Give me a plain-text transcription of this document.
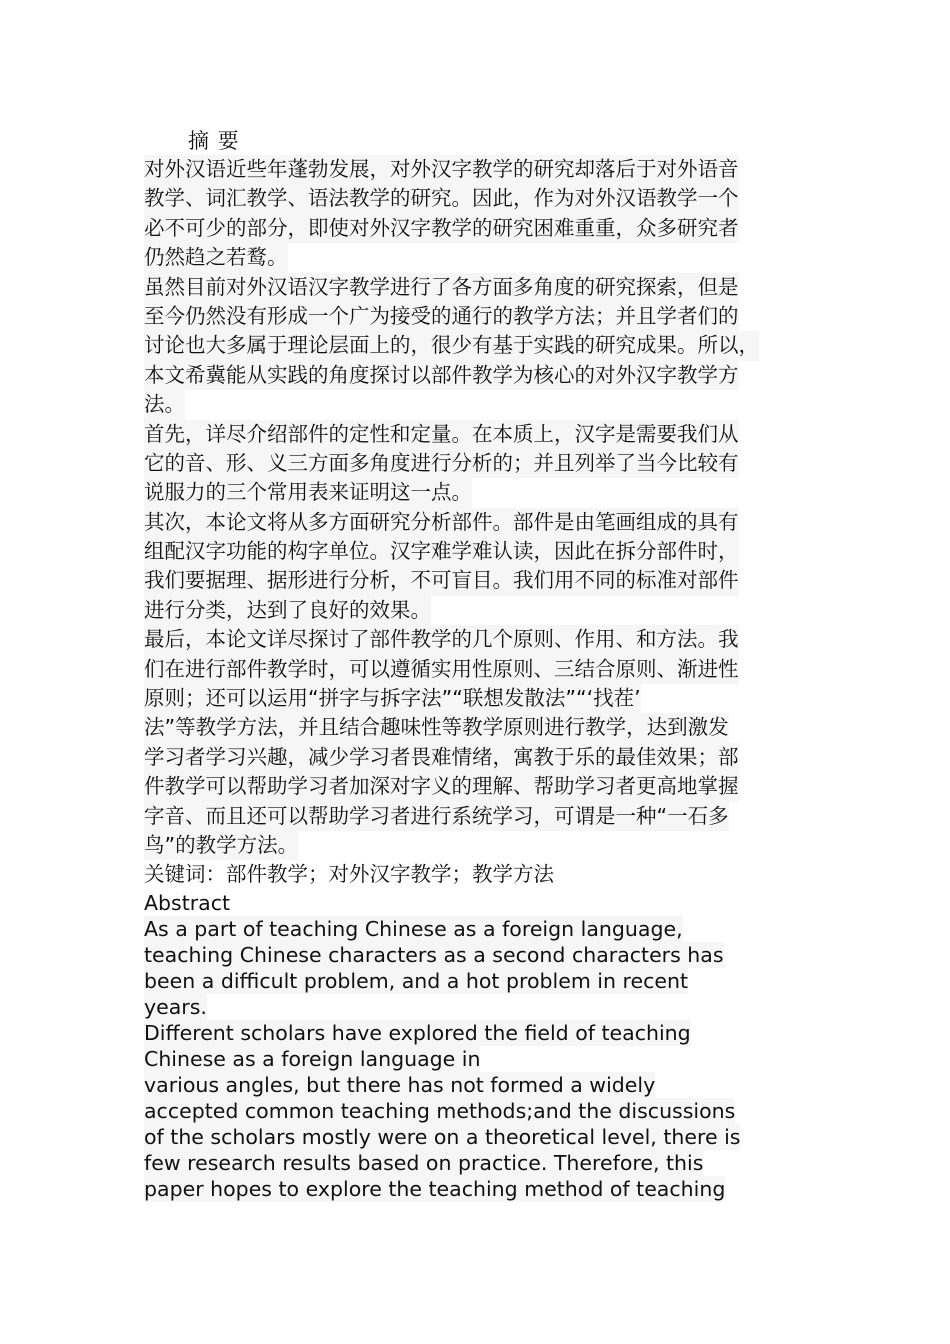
摘 要
对外汉语近些年蓬勃发展，对外汉字教学的研究却落后于对外语音
教学、词汇教学、语法教学的研究。因此，作为对外汉语教学一个
必不可少的部分，即使对外汉字教学的研究困难重重，众多研究者
仍然趋之若鹜。
虽然目前对外汉语汉字教学进行了各方面多角度的研究探索，但是
至今仍然没有形成一个广为接受的通行的教学方法；并且学者们的
讨论也大多属于理论层面上的，很少有基于实践的研究成果。所以，
本文希冀能从实践的角度探讨以部件教学为核心的对外汉字教学方
法。
首先，详尽介绍部件的定性和定量。在本质上，汉字是需要我们从
它的音、形、义三方面多角度进行分析的；并且列举了当今比较有
说服力的三个常用表来证明这一点。
其次，本论文将从多方面研究分析部件。部件是由笔画组成的具有
组配汉字功能的构字单位。汉字难学难认读，因此在拆分部件时，
我们要据理、据形进行分析，不可盲目。我们用不同的标准对部件
进行分类，达到了良好的效果。
最后，本论文详尽探讨了部件教学的几个原则、作用、和方法。我
们在进行部件教学时，可以遵循实用性原则、三结合原则、渐进性
原则；还可以运用“拼字与拆字法”“联想发散法”“‘找茬’
法”等教学方法，并且结合趣味性等教学原则进行教学，达到激发
学习者学习兴趣，减少学习者畏难情绪，寓教于乐的最佳效果；部
件教学可以帮助学习者加深对字义的理解、帮助学习者更高地掌握
字音、而且还可以帮助学习者进行系统学习，可谓是一种“一石多
鸟”的教学方法。
关键词：部件教学；对外汉字教学；教学方法
Abstract
As a part of teaching Chinese as a foreign language,
teaching Chinese characters as a second characters has
been a difficult problem, and a hot problem in recent
years.
Different scholars have explored the field of teaching
Chinese as a foreign language in
various angles, but there has not formed a widely
accepted common teaching methods;and the discussions
of the scholars mostly were on a theoretical level, there is
few research results based on practice. Therefore, this
paper hopes to explore the teaching method of teaching
